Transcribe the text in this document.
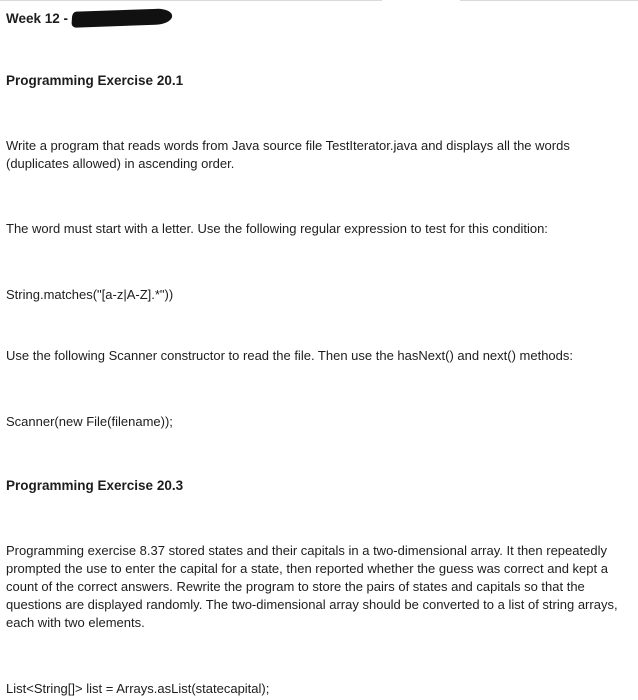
Week 12 -

Programming Exercise 20.1

Write a program that reads words from Java source file TestIterator.java and displays all the words (duplicates allowed) in ascending order.

The word must start with a letter. Use the following regular expression to test for this condition:

String.matches("[a-z|A-Z].*"))

Use the following Scanner constructor to read the file. Then use the hasNext() and next() methods:

Scanner(new File(filename));

Programming Exercise 20.3

Programming exercise 8.37 stored states and their capitals in a two-dimensional array. It then repeatedly prompted the use to enter the capital for a state, then reported whether the guess was correct and kept a count of the correct answers. Rewrite the program to store the pairs of states and capitals so that the questions are displayed randomly. The two-dimensional array should be converted to a list of string arrays, each with two elements.

List<String[]> list = Arrays.asList(statecapital);
